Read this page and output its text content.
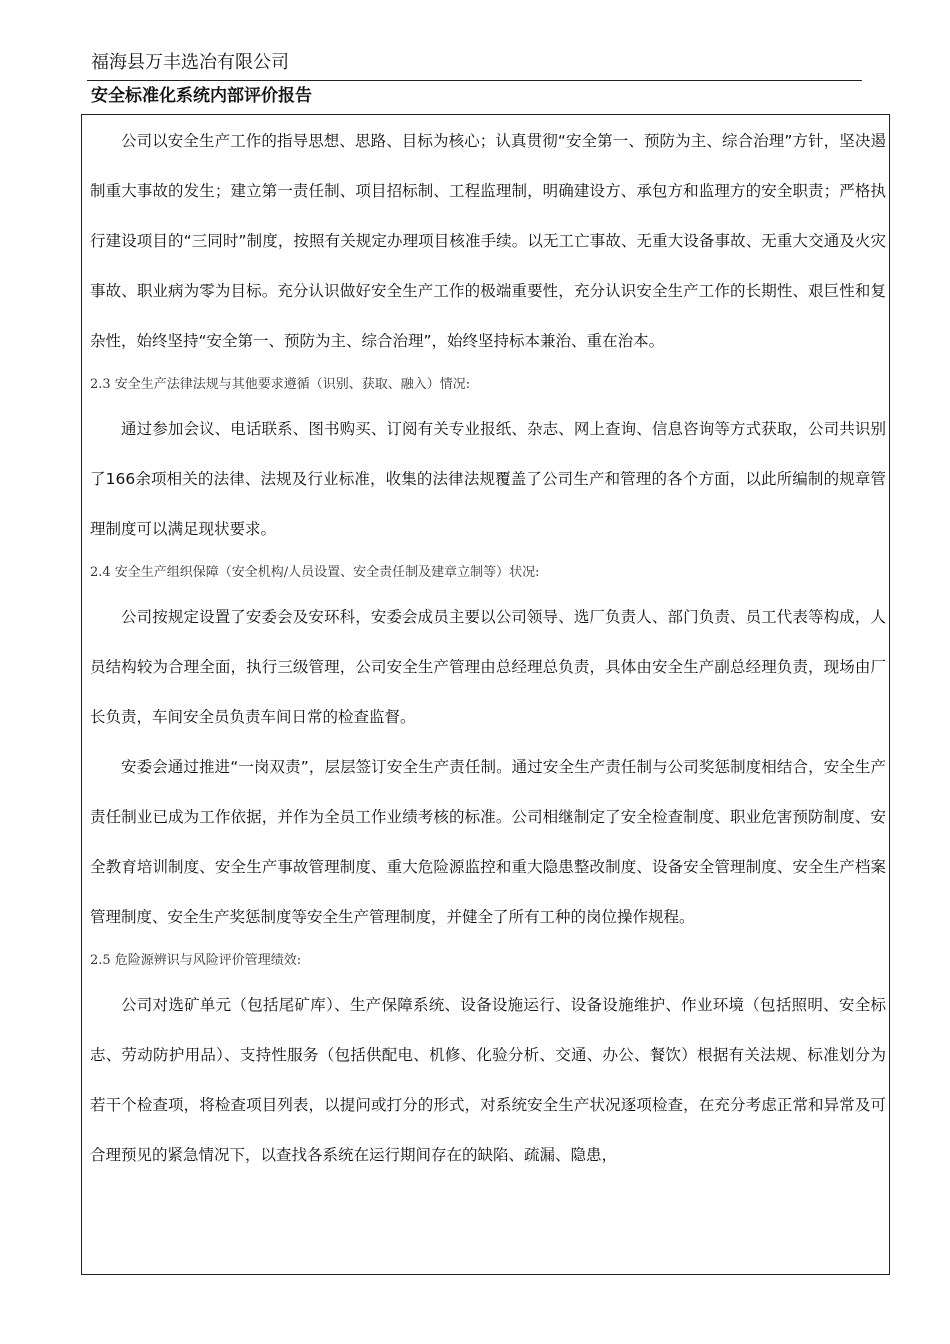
福海县万丰选冶有限公司
安全标准化系统内部评价报告

公司以安全生产工作的指导思想、思路、目标为核心；认真贯彻“安全第一、预防为主、综合治理”方针，坚决遏制重大事故的发生；建立第一责任制、项目招标制、工程监理制，明确建设方、承包方和监理方的安全职责；严格执行建设项目的“三同时”制度，按照有关规定办理项目核准手续。以无工亡事故、无重大设备事故、无重大交通及火灾事故、职业病为零为目标。充分认识做好安全生产工作的极端重要性，充分认识安全生产工作的长期性、艰巨性和复杂性，始终坚持“安全第一、预防为主、综合治理”，始终坚持标本兼治、重在治本。

2.3 安全生产法律法规与其他要求遵循（识别、获取、融入）情况:

通过参加会议、电话联系、图书购买、订阅有关专业报纸、杂志、网上查询、信息咨询等方式获取，公司共识别了166余项相关的法律、法规及行业标准，收集的法律法规覆盖了公司生产和管理的各个方面，以此所编制的规章管理制度可以满足现状要求。

2.4 安全生产组织保障（安全机构/人员设置、安全责任制及建章立制等）状况:

公司按规定设置了安委会及安环科，安委会成员主要以公司领导、选厂负责人、部门负责、员工代表等构成，人员结构较为合理全面，执行三级管理，公司安全生产管理由总经理总负责，具体由安全生产副总经理负责，现场由厂长负责，车间安全员负责车间日常的检查监督。

安委会通过推进“一岗双责”，层层签订安全生产责任制。通过安全生产责任制与公司奖惩制度相结合，安全生产责任制业已成为工作依据，并作为全员工作业绩考核的标准。公司相继制定了安全检查制度、职业危害预防制度、安全教育培训制度、安全生产事故管理制度、重大危险源监控和重大隐患整改制度、设备安全管理制度、安全生产档案管理制度、安全生产奖惩制度等安全生产管理制度，并健全了所有工种的岗位操作规程。

2.5 危险源辨识与风险评价管理绩效:

公司对选矿单元（包括尾矿库）、生产保障系统、设备设施运行、设备设施维护、作业环境（包括照明、安全标志、劳动防护用品）、支持性服务（包括供配电、机修、化验分析、交通、办公、餐饮）根据有关法规、标准划分为若干个检查项，将检查项目列表，以提问或打分的形式，对系统安全生产状况逐项检查，在充分考虑正常和异常及可合理预见的紧急情况下，以查找各系统在运行期间存在的缺陷、疏漏、隐患，
